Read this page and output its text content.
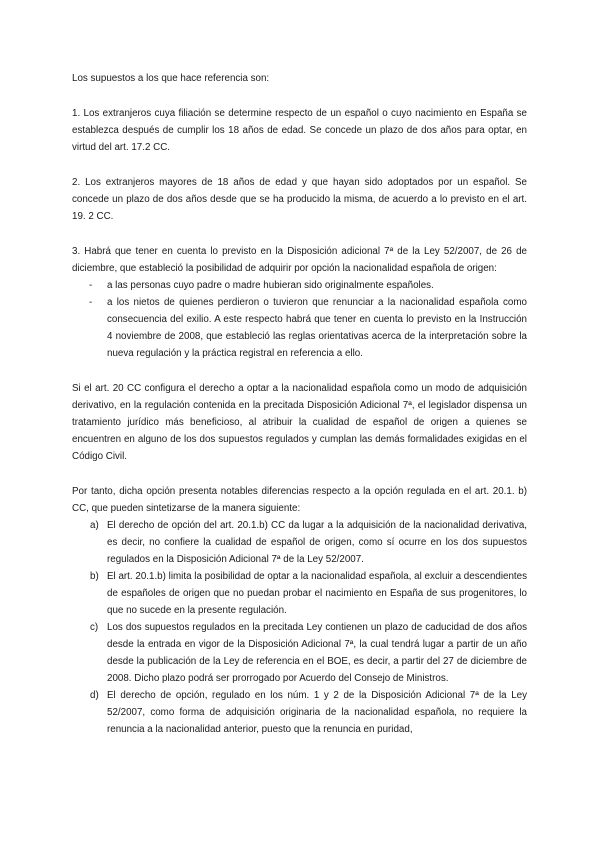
Los supuestos a los que hace referencia son:

1. Los extranjeros cuya filiación se determine respecto de un español o cuyo nacimiento en España se establezca después de cumplir los 18 años de edad. Se concede un plazo de dos años para optar, en virtud del art. 17.2 CC.

2. Los extranjeros mayores de 18 años de edad y que hayan sido adoptados por un español. Se concede un plazo de dos años desde que se ha producido la misma, de acuerdo a lo previsto en el art. 19. 2 CC.

3. Habrá que tener en cuenta lo previsto en la Disposición adicional 7ª de la Ley 52/2007, de 26 de diciembre, que estableció la posibilidad de adquirir por opción la nacionalidad española de origen:

- a las personas cuyo padre o madre hubieran sido originalmente españoles.
- a los nietos de quienes perdieron o tuvieron que renunciar a la nacionalidad española como consecuencia del exilio. A este respecto habrá que tener en cuenta lo previsto en la Instrucción 4 noviembre de 2008, que estableció las reglas orientativas acerca de la interpretación sobre la nueva regulación y la práctica registral en referencia a ello.

Si el art. 20 CC configura el derecho a optar a la nacionalidad española como un modo de adquisición derivativo, en la regulación contenida en la precitada Disposición Adicional 7ª, el legislador dispensa un tratamiento jurídico más beneficioso, al atribuir la cualidad de español de origen a quienes se encuentren en alguno de los dos supuestos regulados y cumplan las demás formalidades exigidas en el Código Civil.

Por tanto, dicha opción presenta notables diferencias respecto a la opción regulada en el art. 20.1. b) CC, que pueden sintetizarse de la manera siguiente:

a) El derecho de opción del art. 20.1.b) CC da lugar a la adquisición de la nacionalidad derivativa, es decir, no confiere la cualidad de español de origen, como sí ocurre en los dos supuestos regulados en la Disposición Adicional 7ª de la Ley 52/2007.
b) El art. 20.1.b) limita la posibilidad de optar a la nacionalidad española, al excluir a descendientes de españoles de origen que no puedan probar el nacimiento en España de sus progenitores, lo que no sucede en la presente regulación.
c) Los dos supuestos regulados en la precitada Ley contienen un plazo de caducidad de dos años desde la entrada en vigor de la Disposición Adicional 7ª, la cual tendrá lugar a partir de un año desde la publicación de la Ley de referencia en el BOE, es decir, a partir del 27 de diciembre de 2008. Dicho plazo podrá ser prorrogado por Acuerdo del Consejo de Ministros.
d) El derecho de opción, regulado en los núm. 1 y 2 de la Disposición Adicional 7ª de la Ley 52/2007, como forma de adquisición originaria de la nacionalidad española, no requiere la renuncia a la nacionalidad anterior, puesto que la renuncia en puridad,
